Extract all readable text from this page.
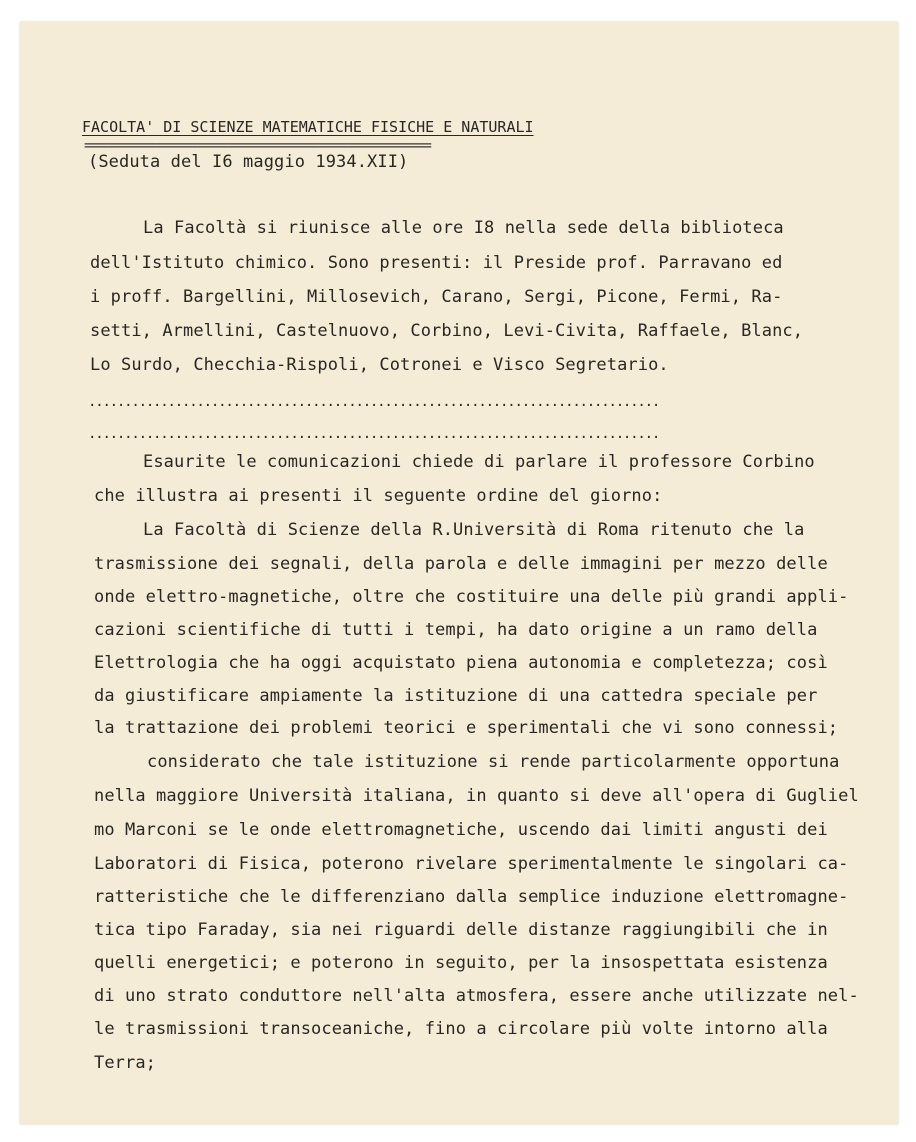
FACOLTA' DI SCIENZE MATEMATICHE FISICHE E NATURALI
==============================================
(Seduta del I6 maggio 1934.XII)
La Facoltà si riunisce alle ore I8 nella sede della biblioteca
dell'Istituto chimico. Sono presenti: il Preside prof. Parravano ed
i proff. Bargellini, Millosevich, Carano, Sergi, Picone, Fermi, Ra-
setti, Armellini, Castelnuovo, Corbino, Levi-Civita, Raffaele, Blanc,
Lo Surdo, Checchia-Rispoli, Cotronei e Visco Segretario.
...............................................................................
...............................................................................
Esaurite le comunicazioni chiede di parlare il professore Corbino
che illustra ai presenti il seguente ordine del giorno:
La Facoltà di Scienze della R.Università di Roma ritenuto che la
trasmissione dei segnali, della parola e delle immagini per mezzo delle
onde elettro-magnetiche, oltre che costituire una delle più grandi appli-
cazioni scientifiche di tutti i tempi, ha dato origine a un ramo della
Elettrologia che ha oggi acquistato piena autonomia e completezza; così
da giustificare ampiamente la istituzione di una cattedra speciale per
la trattazione dei problemi teorici e sperimentali che vi sono connessi;
considerato che tale istituzione si rende particolarmente opportuna
nella maggiore Università italiana, in quanto si deve all'opera di Gugliel
mo Marconi se le onde elettromagnetiche, uscendo dai limiti angusti dei
Laboratori di Fisica, poterono rivelare sperimentalmente le singolari ca-
ratteristiche che le differenziano dalla semplice induzione elettromagne-
tica tipo Faraday, sia nei riguardi delle distanze raggiungibili che in
quelli energetici; e poterono in seguito, per la insospettata esistenza
di uno strato conduttore nell'alta atmosfera, essere anche utilizzate nel-
le trasmissioni transoceaniche, fino a circolare più volte intorno alla
Terra;
